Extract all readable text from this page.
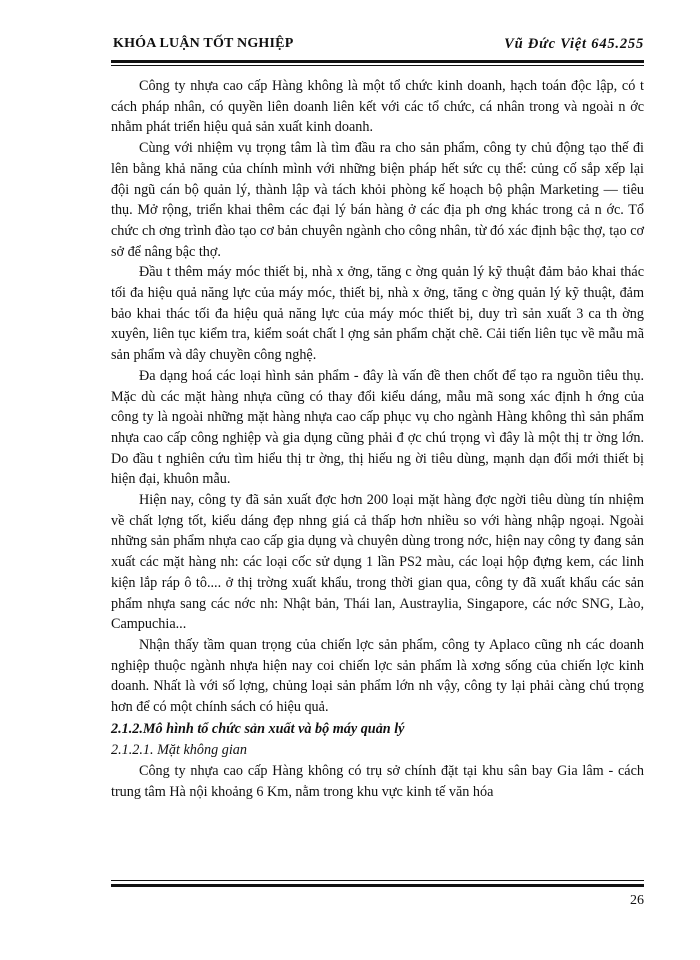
KHÓA LUẬN TỐT NGHIỆP	Vũ Đức Việt 645.255

Công ty nhựa cao cấp Hàng không là một tổ chức kinh doanh, hạch toán độc lập, có t cách pháp nhân, có quyền liên doanh liên kết với các tổ chức, cá nhân trong và ngoài n ớc nhằm phát triển hiệu quả sản xuất kinh doanh.

Cùng với nhiệm vụ trọng tâm là tìm đầu ra cho sản phẩm, công ty chủ động tạo thế đi lên bằng khả năng của chính mình với những biện pháp hết sức cụ thể: củng cố sắp xếp lại đội ngũ cán bộ quản lý, thành lập và tách khỏi phòng kế hoạch bộ phận Marketing — tiêu thụ. Mở rộng, triển khai thêm các đại lý bán hàng ở các địa ph ơng khác trong cả n ớc. Tổ chức ch ơng trình đào tạo cơ bản chuyên ngành cho công nhân, từ đó xác định bậc thợ, tạo cơ sở để nâng bậc thợ.

Đầu t thêm máy móc thiết bị, nhà x ởng, tăng c ờng quản lý kỹ thuật đảm bảo khai thác tối đa hiệu quả năng lực của máy móc, thiết bị, nhà x ởng, tăng c ờng quản lý kỹ thuật, đảm bảo khai thác tối đa hiệu quả năng lực của máy móc thiết bị, duy trì sản xuất 3 ca th ờng xuyên, liên tục kiểm tra, kiểm soát chất l ợng sản phẩm chặt chẽ. Cải tiến liên tục về mẫu mã sản phẩm và dây chuyền công nghệ.

Đa dạng hoá các loại hình sản phẩm - đây là vấn đề then chốt để tạo ra nguồn tiêu thụ. Mặc dù các mặt hàng nhựa cũng có thay đổi kiểu dáng, mẫu mã song xác định h ớng của công ty là ngoài những mặt hàng nhựa cao cấp phục vụ cho ngành Hàng không thì sản phẩm nhựa cao cấp công nghiệp và gia dụng cũng phải đ ợc chú trọng vì đây là một thị tr ờng lớn. Do đầu t nghiên cứu tìm hiểu thị tr ờng, thị hiếu ng ời tiêu dùng, mạnh dạn đổi mới thiết bị hiện đại, khuôn mẫu.

Hiện nay, công ty đã sản xuất đợc hơn 200 loại mặt hàng đợc ngời tiêu dùng tín nhiệm về chất lợng tốt, kiểu dáng đẹp nhng giá cả thấp hơn nhiều so với hàng nhập ngoại. Ngoài những sản phẩm nhựa cao cấp gia dụng và chuyên dùng trong nớc, hiện nay công ty đang sản xuất các mặt hàng nh: các loại cốc sử dụng 1 lần PS2 màu, các loại hộp đựng kem, các linh kiện lắp ráp ô tô.... ở thị trờng xuất khẩu, trong thời gian qua, công ty đã xuất khẩu các sản phẩm nhựa sang các nớc nh: Nhật bản, Thái lan, Austraylia, Singapore, các nớc SNG, Lào, Campuchia...

Nhận thấy tầm quan trọng của chiến lợc sản phẩm, công ty Aplaco cũng nh các doanh nghiệp thuộc ngành nhựa hiện nay coi chiến lợc sản phẩm là xơng sống của chiến lợc kinh doanh. Nhất là với số lợng, chủng loại sản phẩm lớn nh vậy, công ty lại phải càng chú trọng hơn để có một chính sách có hiệu quả.

2.1.2.Mô hình tổ chức sản xuất và bộ máy quản lý

2.1.2.1. Mặt không gian

Công ty nhựa cao cấp Hàng không có trụ sở chính đặt tại khu sân bay Gia lâm - cách trung tâm Hà nội khoảng 6 Km, nằm trong khu vực kinh tế văn hóa

26
